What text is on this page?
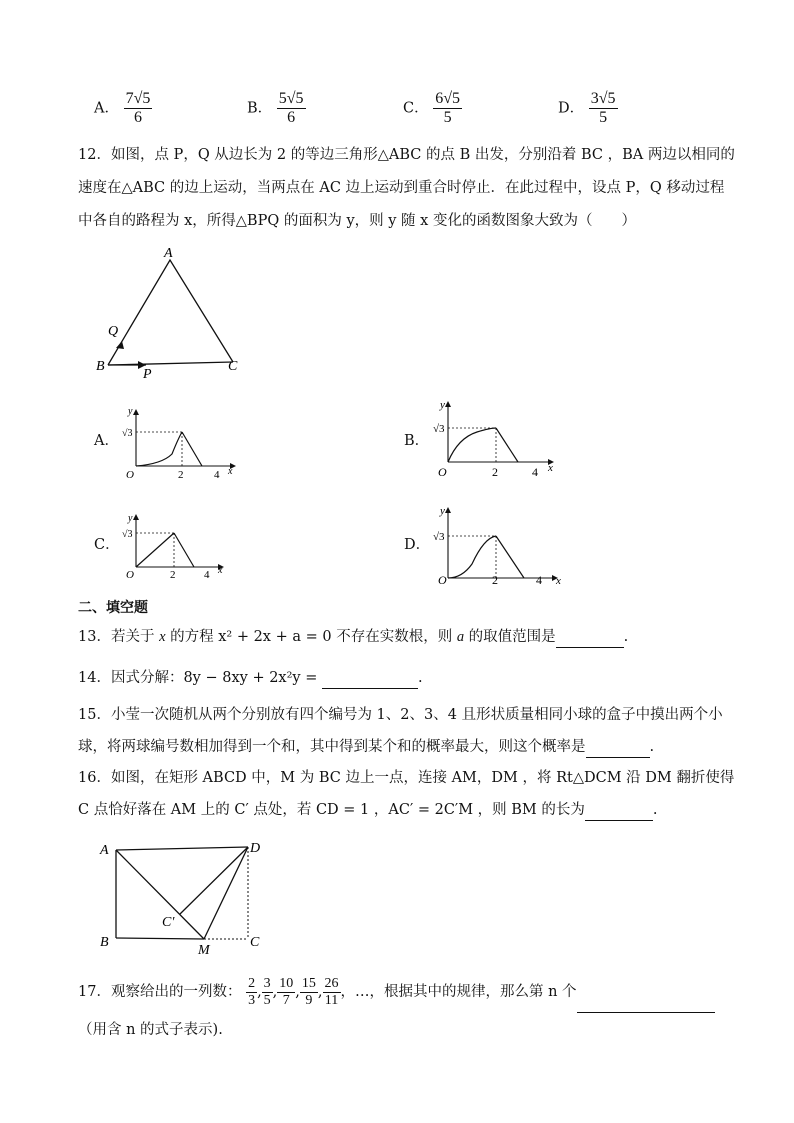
A． $\frac{7√5}{6}$	B． $\frac{5√5}{6}$	C． $\frac{6√5}{5}$	D． $\frac{3√5}{5}$
12．如图，点 P，Q 从边长为 2 的等边三角形△ABC 的点 B 出发，分别沿着 BC ，BA 两边以相同的
速度在△ABC 的边上运动，当两点在 AC 边上运动到重合时停止．在此过程中，设点 P，Q 移动过程
中各自的路程为 x，所得△BPQ 的面积为 y，则 y 随 x 变化的函数图象大致为（　　）
A
B	C
P
Q
A．	B．
C．	D．
y
√3
O	2	4 x
y
√3
O	2	4 x
y
√3
O	2	4 x
y
√3
O	2	4 x
二、填空题
13．若关于 x 的方程 x² + 2x + a = 0 不存在实数根，则 a 的取值范围是	.
14．因式分解：8y − 8xy + 2x²y =	.
15．小莹一次随机从两个分别放有四个编号为 1、2、3、4 且形状质量相同小球的盒子中摸出两个小
球，将两球编号数相加得到一个和，其中得到某个和的概率最大，则这个概率是	.
16．如图，在矩形 ABCD 中，M 为 BC 边上一点，连接 AM，DM ，将 Rt△DCM 沿 DM 翻折使得
C 点恰好落在 AM 上的 C′ 点处，若 CD = 1 ，AC′ = 2C′M ，则 BM 的长为	.
A	D
B	C
M
C′
17．观察给出的一列数： $\frac{2}{3}$ , $\frac{3}{5}$ , $\frac{10}{7}$ , $\frac{15}{9}$ , $\frac{26}{11}$ ，…，根据其中的规律，那么第 n 个
（用含 n 的式子表示).
